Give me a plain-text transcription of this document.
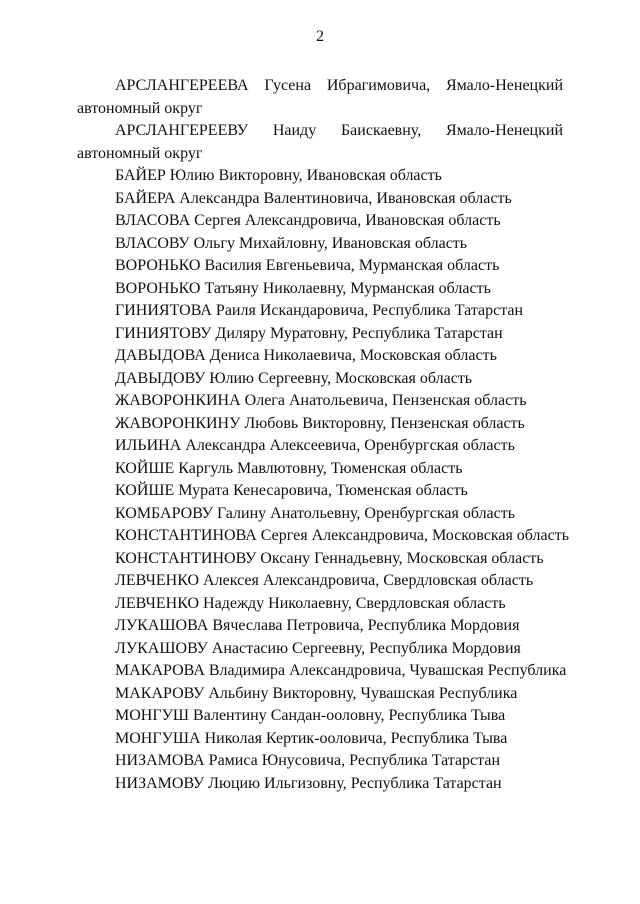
2

АРСЛАНГЕРЕЕВА Гусена Ибрагимовича, Ямало-Ненецкий
автономный округ

АРСЛАНГЕРЕЕВУ Наиду Баискаевну, Ямало-Ненецкий
автономный округ

БАЙЕР Юлию Викторовну, Ивановская область

БАЙЕРА Александра Валентиновича, Ивановская область

ВЛАСОВА Сергея Александровича, Ивановская область

ВЛАСОВУ Ольгу Михайловну, Ивановская область

ВОРОНЬКО Василия Евгеньевича, Мурманская область

ВОРОНЬКО Татьяну Николаевну, Мурманская область

ГИНИЯТОВА Раиля Искандаровича, Республика Татарстан

ГИНИЯТОВУ Диляру Муратовну, Республика Татарстан

ДАВЫДОВА Дениса Николаевича, Московская область

ДАВЫДОВУ Юлию Сергеевну, Московская область

ЖАВОРОНКИНА Олега Анатольевича, Пензенская область

ЖАВОРОНКИНУ Любовь Викторовну, Пензенская область

ИЛЬИНА Александра Алексеевича, Оренбургская область

КОЙШЕ Каргуль Мавлютовну, Тюменская область

КОЙШЕ Мурата Кенесаровича, Тюменская область

КОМБАРОВУ Галину Анатольевну, Оренбургская область

КОНСТАНТИНОВА Сергея Александровича, Московская область

КОНСТАНТИНОВУ Оксану Геннадьевну, Московская область

ЛЕВЧЕНКО Алексея Александровича, Свердловская область

ЛЕВЧЕНКО Надежду Николаевну, Свердловская область

ЛУКАШОВА Вячеслава Петровича, Республика Мордовия

ЛУКАШОВУ Анастасию Сергеевну, Республика Мордовия

МАКАРОВА Владимира Александровича, Чувашская Республика

МАКАРОВУ Альбину Викторовну, Чувашская Республика

МОНГУШ Валентину Сандан-ооловну, Республика Тыва

МОНГУША Николая Кертик-ооловича, Республика Тыва

НИЗАМОВА Рамиса Юнусовича, Республика Татарстан

НИЗАМОВУ Люцию Ильгизовну, Республика Татарстан
